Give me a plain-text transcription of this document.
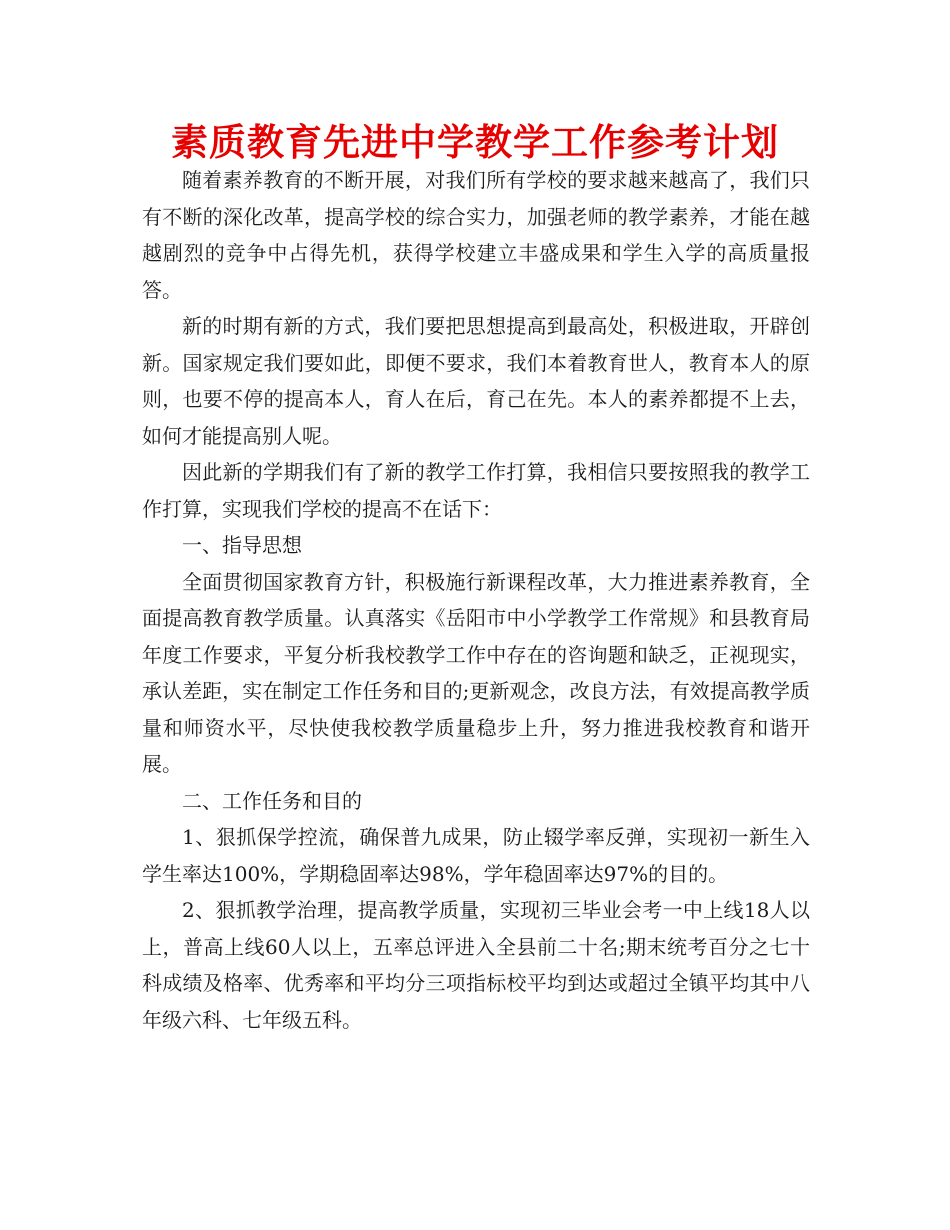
素质教育先进中学教学工作参考计划

随着素养教育的不断开展，对我们所有学校的要求越来越高了，我们只有不断的深化改革，提高学校的综合实力，加强老师的教学素养，才能在越越剧烈的竞争中占得先机，获得学校建立丰盛成果和学生入学的高质量报答。

新的时期有新的方式，我们要把思想提高到最高处，积极进取，开辟创新。国家规定我们要如此，即便不要求，我们本着教育世人，教育本人的原则，也要不停的提高本人，育人在后，育己在先。本人的素养都提不上去，如何才能提高别人呢。

因此新的学期我们有了新的教学工作打算，我相信只要按照我的教学工作打算，实现我们学校的提高不在话下：

一、指导思想

全面贯彻国家教育方针，积极施行新课程改革，大力推进素养教育，全面提高教育教学质量。认真落实《岳阳市中小学教学工作常规》和县教育局年度工作要求，平复分析我校教学工作中存在的咨询题和缺乏，正视现实，承认差距，实在制定工作任务和目的;更新观念，改良方法，有效提高教学质量和师资水平，尽快使我校教学质量稳步上升，努力推进我校教育和谐开展。

二、工作任务和目的

1、狠抓保学控流，确保普九成果，防止辍学率反弹，实现初一新生入学生率达100%，学期稳固率达98%，学年稳固率达97%的目的。

2、狠抓教学治理，提高教学质量，实现初三毕业会考一中上线18人以上，普高上线60人以上，五率总评进入全县前二十名;期末统考百分之七十科成绩及格率、优秀率和平均分三项指标校平均到达或超过全镇平均其中八年级六科、七年级五科。
